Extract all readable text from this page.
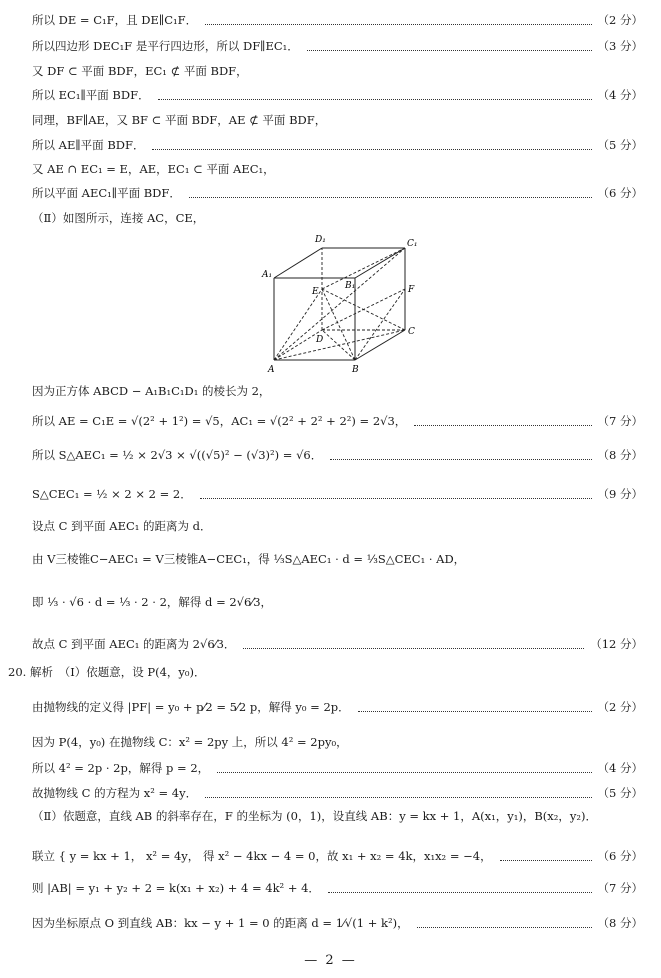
所以 DE = C₁F，且 DE∥C₁F．	（2 分）
所以四边形 DEC₁F 是平行四边形，所以 DF∥EC₁．	（3 分）
又 DF ⊂ 平面 BDF，EC₁ ⊄ 平面 BDF，
所以 EC₁∥平面 BDF．	（4 分）
同理，BF∥AE，又 BF ⊂ 平面 BDF，AE ⊄ 平面 BDF，
所以 AE∥平面 BDF．	（5 分）
又 AE ∩ EC₁ = E，AE，EC₁ ⊂ 平面 AEC₁，
所以平面 AEC₁∥平面 BDF．	（6 分）
（Ⅱ）如图所示，连接 AC，CE，
因为正方体 ABCD − A₁B₁C₁D₁ 的棱长为 2，
所以 AE = C₁E = √(2² + 1²) = √5，AC₁ = √(2² + 2² + 2²) = 2√3，	（7 分）
所以 S△AEC₁ = ½ × 2√3 × √((√5)² − (√3)²) = √6．	（8 分）
S△CEC₁ = ½ × 2 × 2 = 2．	（9 分）
设点 C 到平面 AEC₁ 的距离为 d．
由 V三棱锥C−AEC₁ = V三棱锥A−CEC₁，得 ⅓S△AEC₁ · d = ⅓S△CEC₁ · AD，
即 ⅓ · √6 · d = ⅓ · 2 · 2，解得 d = 2√6⁄3，
故点 C 到平面 AEC₁ 的距离为 2√6⁄3．	（12 分）
20. 解析　（Ⅰ）依题意，设 P(4，y₀)．
由抛物线的定义得 |PF| = y₀ + p⁄2 = 5⁄2 p，解得 y₀ = 2p．	（2 分）
因为 P(4，y₀) 在抛物线 C：x² = 2py 上，所以 4² = 2py₀，
所以 4² = 2p · 2p，解得 p = 2，	（4 分）
故抛物线 C 的方程为 x² = 4y．	（5 分）
（Ⅱ）依题意，直线 AB 的斜率存在，F 的坐标为 (0，1)，设直线 AB：y = kx + 1，A(x₁，y₁)，B(x₂，y₂)．
联立 { y = kx + 1， x² = 4y， 得 x² − 4kx − 4 = 0，故 x₁ + x₂ = 4k，x₁x₂ = −4，	（6 分）
则 |AB| = y₁ + y₂ + 2 = k(x₁ + x₂) + 4 = 4k² + 4．	（7 分）
因为坐标原点 O 到直线 AB：kx − y + 1 = 0 的距离 d = 1⁄√(1 + k²)，	（8 分）
D₁	C₁
A₁
B₁
E	F
D
C
A	B
— 2 —
